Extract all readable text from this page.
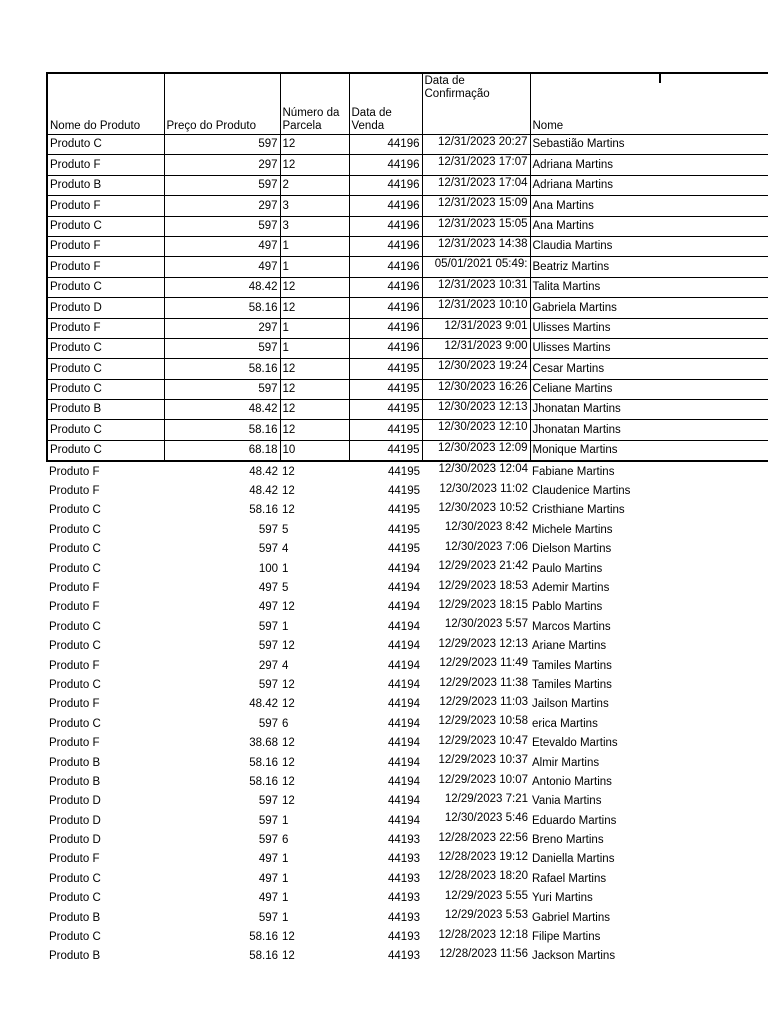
Nome do Produto	Preço do Produto	Número da Parcela	Data de Venda	Data de Confirmação	Nome
Produto C	597	12	44196	12/31/2023 20:27	Sebastião Martins
Produto F	297	12	44196	12/31/2023 17:07	Adriana Martins
Produto B	597	2	44196	12/31/2023 17:04	Adriana Martins
Produto F	297	3	44196	12/31/2023 15:09	Ana Martins
Produto C	597	3	44196	12/31/2023 15:05	Ana Martins
Produto F	497	1	44196	12/31/2023 14:38	Claudia Martins
Produto F	497	1	44196	05/01/2021 05:49:	Beatriz Martins
Produto C	48.42	12	44196	12/31/2023 10:31	Talita Martins
Produto D	58.16	12	44196	12/31/2023 10:10	Gabriela Martins
Produto F	297	1	44196	12/31/2023 9:01	Ulisses Martins
Produto C	597	1	44196	12/31/2023 9:00	Ulisses Martins
Produto C	58.16	12	44195	12/30/2023 19:24	Cesar Martins
Produto C	597	12	44195	12/30/2023 16:26	Celiane Martins
Produto B	48.42	12	44195	12/30/2023 12:13	Jhonatan Martins
Produto C	58.16	12	44195	12/30/2023 12:10	Jhonatan Martins
Produto C	68.18	10	44195	12/30/2023 12:09	Monique Martins
Produto F	48.42	12	44195	12/30/2023 12:04	Fabiane Martins
Produto F	48.42	12	44195	12/30/2023 11:02	Claudenice Martins
Produto C	58.16	12	44195	12/30/2023 10:52	Cristhiane Martins
Produto C	597	5	44195	12/30/2023 8:42	Michele Martins
Produto C	597	4	44195	12/30/2023 7:06	Dielson Martins
Produto C	100	1	44194	12/29/2023 21:42	Paulo Martins
Produto F	497	5	44194	12/29/2023 18:53	Ademir Martins
Produto F	497	12	44194	12/29/2023 18:15	Pablo Martins
Produto C	597	1	44194	12/30/2023 5:57	Marcos Martins
Produto C	597	12	44194	12/29/2023 12:13	Ariane Martins
Produto F	297	4	44194	12/29/2023 11:49	Tamiles Martins
Produto C	597	12	44194	12/29/2023 11:38	Tamiles Martins
Produto F	48.42	12	44194	12/29/2023 11:03	Jailson Martins
Produto C	597	6	44194	12/29/2023 10:58	erica Martins
Produto F	38.68	12	44194	12/29/2023 10:47	Etevaldo Martins
Produto B	58.16	12	44194	12/29/2023 10:37	Almir Martins
Produto B	58.16	12	44194	12/29/2023 10:07	Antonio Martins
Produto D	597	12	44194	12/29/2023 7:21	Vania Martins
Produto D	597	1	44194	12/30/2023 5:46	Eduardo Martins
Produto D	597	6	44193	12/28/2023 22:56	Breno Martins
Produto F	497	1	44193	12/28/2023 19:12	Daniella Martins
Produto C	497	1	44193	12/28/2023 18:20	Rafael Martins
Produto C	497	1	44193	12/29/2023 5:55	Yuri Martins
Produto B	597	1	44193	12/29/2023 5:53	Gabriel Martins
Produto C	58.16	12	44193	12/28/2023 12:18	Filipe Martins
Produto B	58.16	12	44193	12/28/2023 11:56	Jackson Martins
